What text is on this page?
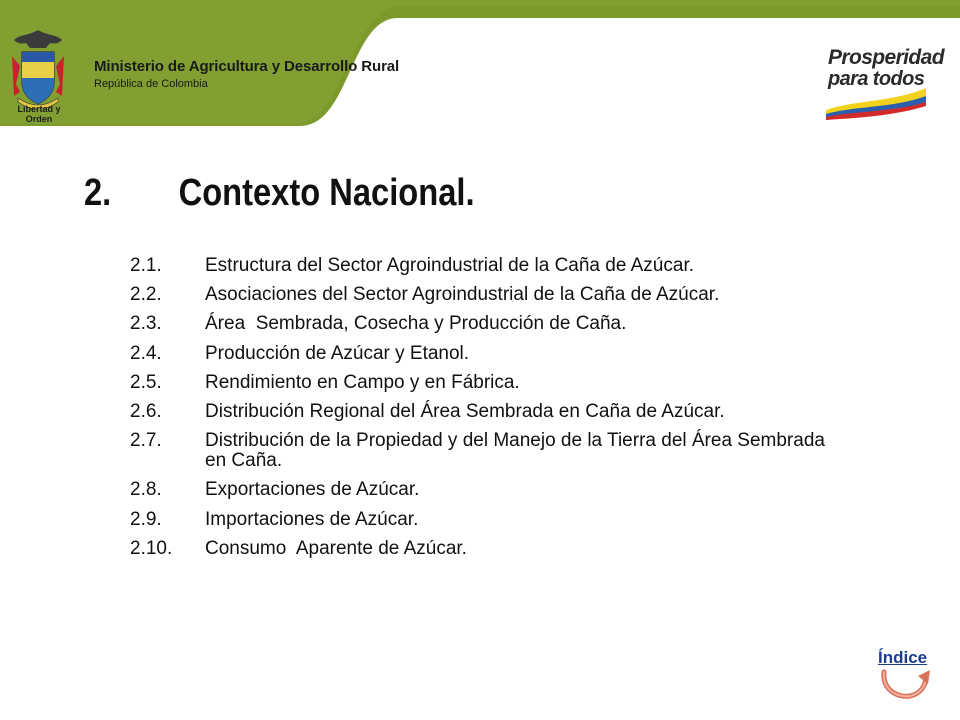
Libertad y Orden
Ministerio de Agricultura y Desarrollo Rural
República de Colombia
Prosperidad
para todos
2. Contexto Nacional.
2.1.	Estructura del Sector Agroindustrial de la Caña de Azúcar.
2.2.	Asociaciones del Sector Agroindustrial de la Caña de Azúcar.
2.3.	Área  Sembrada, Cosecha y Producción de Caña.
2.4.	Producción de Azúcar y Etanol.
2.5.	Rendimiento en Campo y en Fábrica.
2.6.	Distribución Regional del Área Sembrada en Caña de Azúcar.
2.7.	Distribución de la Propiedad y del Manejo de la Tierra del Área Sembrada en Caña.
2.8.	Exportaciones de Azúcar.
2.9.	Importaciones de Azúcar.
2.10.	Consumo  Aparente de Azúcar.
Índice
